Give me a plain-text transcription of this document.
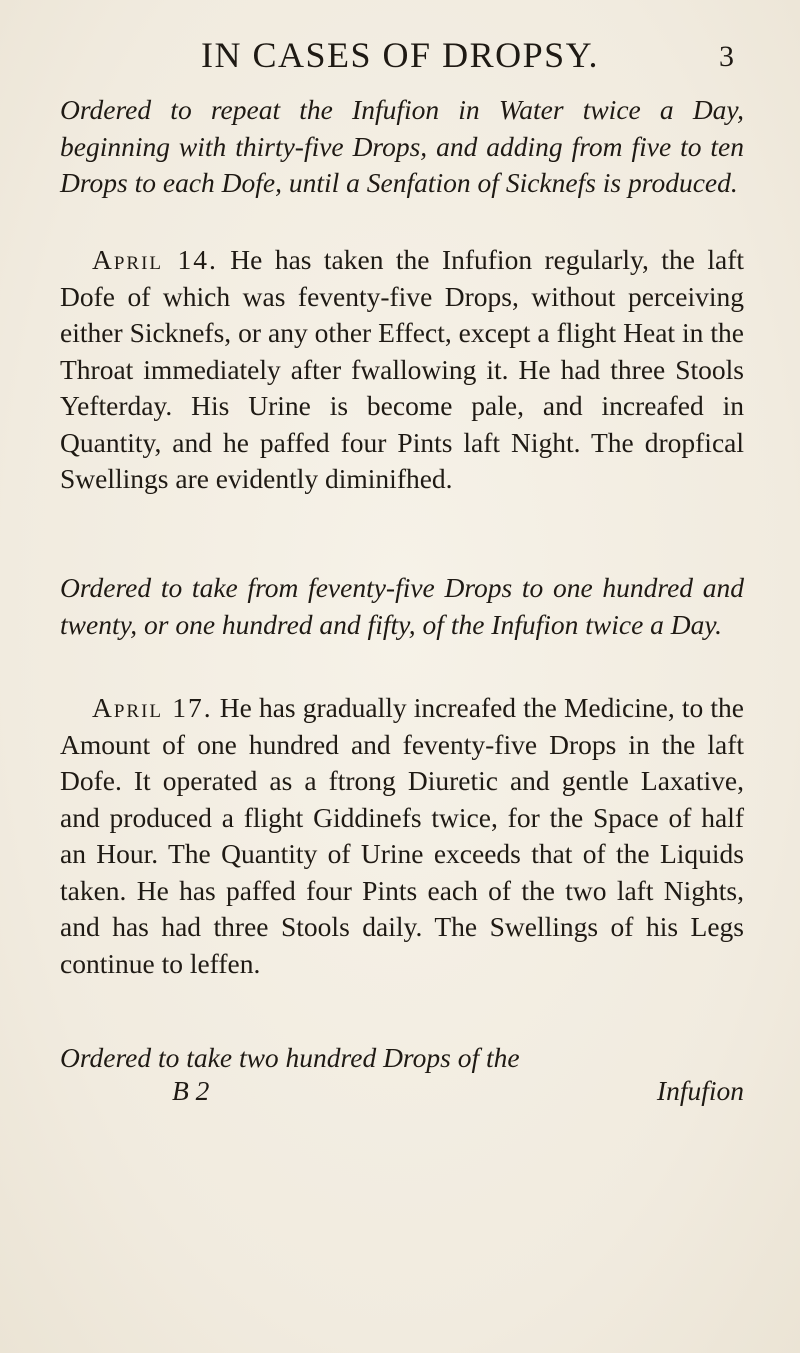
IN CASES OF DROPSY.	3

Ordered to repeat the Infufion in Water twice a Day, beginning with thirty-five Drops, and adding from five to ten Drops to each Dofe, until a Senfation of Sicknefs is produced.

April 14. He has taken the Infufion regularly, the laft Dofe of which was feventy-five Drops, without perceiving either Sicknefs, or any other Effect, except a flight Heat in the Throat immediately after fwallowing it. He had three Stools Yefterday. His Urine is become pale, and increafed in Quantity, and he paffed four Pints laft Night. The dropfical Swellings are evidently diminifhed.

Ordered to take from feventy-five Drops to one hundred and twenty, or one hundred and fifty, of the Infufion twice a Day.

April 17. He has gradually increafed the Medicine, to the Amount of one hundred and feventy-five Drops in the laft Dofe. It operated as a ftrong Diuretic and gentle Laxative, and produced a flight Giddinefs twice, for the Space of half an Hour. The Quantity of Urine exceeds that of the Liquids taken. He has paffed four Pints each of the two laft Nights, and has had three Stools daily. The Swellings of his Legs continue to leffen.

Ordered to take two hundred Drops of the

B 2	Infufion
